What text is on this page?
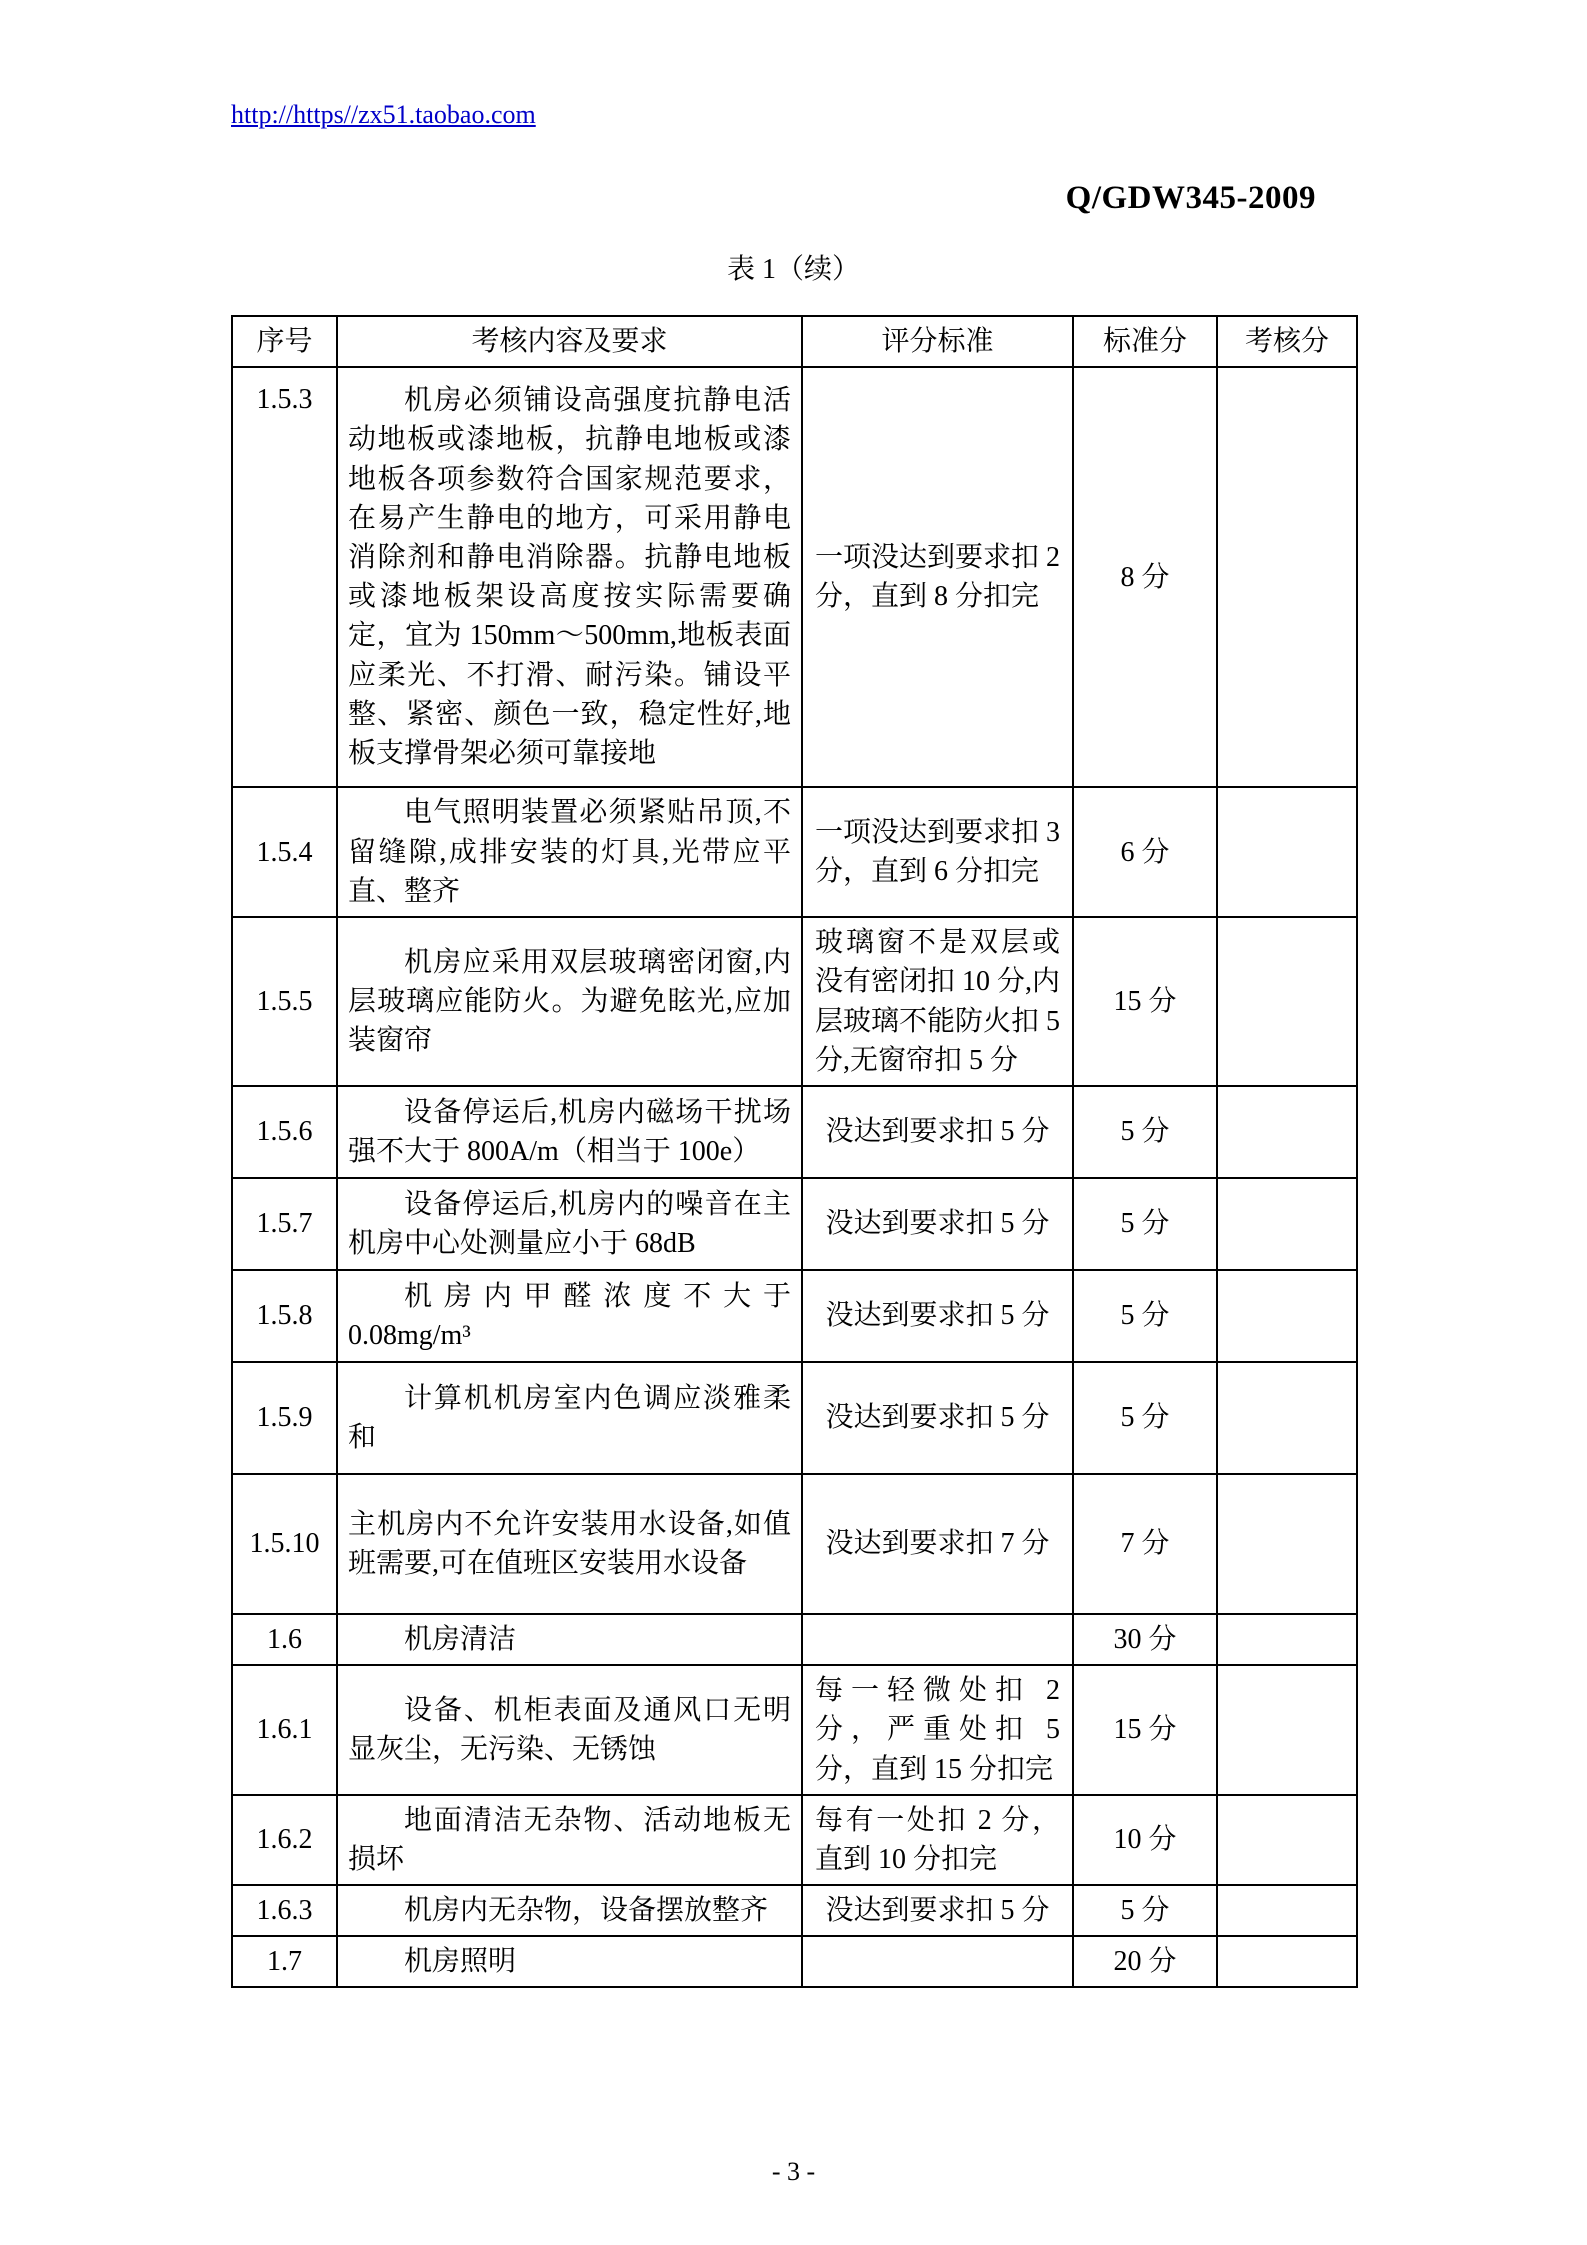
http://https//zx51.taobao.com
Q/GDW345-2009
表 1（续）
序号	考核内容及要求	评分标准	标准分	考核分
1.5.3	机房必须铺设高强度抗静电活动地板或漆地板，抗静电地板或漆地板各项参数符合国家规范要求，在易产生静电的地方，可采用静电消除剂和静电消除器。抗静电地板或漆地板架设高度按实际需要确定，宜为 150mm～500mm,地板表面应柔光、不打滑、耐污染。铺设平整、紧密、颜色一致，稳定性好,地板支撑骨架必须可靠接地	一项没达到要求扣 2 分，直到 8 分扣完	8 分	
1.5.4	电气照明装置必须紧贴吊顶,不留缝隙,成排安装的灯具,光带应平直、整齐	一项没达到要求扣 3 分，直到 6 分扣完	6 分	
1.5.5	机房应采用双层玻璃密闭窗,内层玻璃应能防火。为避免眩光,应加装窗帘	玻璃窗不是双层或没有密闭扣 10 分,内层玻璃不能防火扣 5 分,无窗帘扣 5 分	15 分	
1.5.6	设备停运后,机房内磁场干扰场强不大于 800A/m（相当于 100e）	没达到要求扣 5 分	5 分	
1.5.7	设备停运后,机房内的噪音在主机房中心处测量应小于 68dB	没达到要求扣 5 分	5 分	
1.5.8	机房内甲醛浓度不大于 0.08mg/m³	没达到要求扣 5 分	5 分	
1.5.9	计算机机房室内色调应淡雅柔和	没达到要求扣 5 分	5 分	
1.5.10	主机房内不允许安装用水设备,如值班需要,可在值班区安装用水设备	没达到要求扣 7 分	7 分	
1.6	机房清洁		30 分	
1.6.1	设备、机柜表面及通风口无明显灰尘，无污染、无锈蚀	每一轻微处扣 2 分，严重处扣 5 分，直到 15 分扣完	15 分	
1.6.2	地面清洁无杂物、活动地板无损坏	每有一处扣 2 分，直到 10 分扣完	10 分	
1.6.3	机房内无杂物，设备摆放整齐	没达到要求扣 5 分	5 分	
1.7	机房照明		20 分	
- 3 -
